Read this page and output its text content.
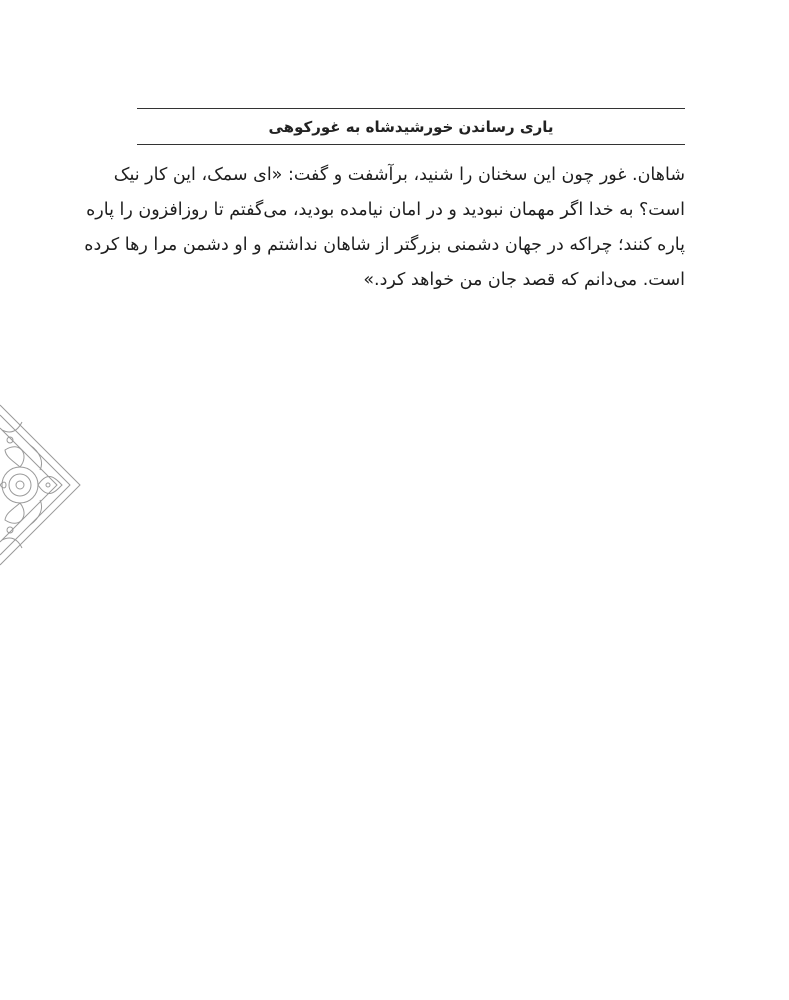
یاری رساندن خورشیدشاه به غورکوهی
شاهان. غور چون این سخنان را شنید، برآشفت و گفت: «ای سمک، این کار نیک
است؟ به خدا اگر مهمان نبودید و در امان نیامده بودید، می‌گفتم تا روزافزون را پاره
پاره کنند؛ چراکه در جهان دشمنی بزرگتر از شاهان نداشتم و او دشمن مرا رها کرده
است. می‌دانم که قصد جان من خواهد کرد.»
